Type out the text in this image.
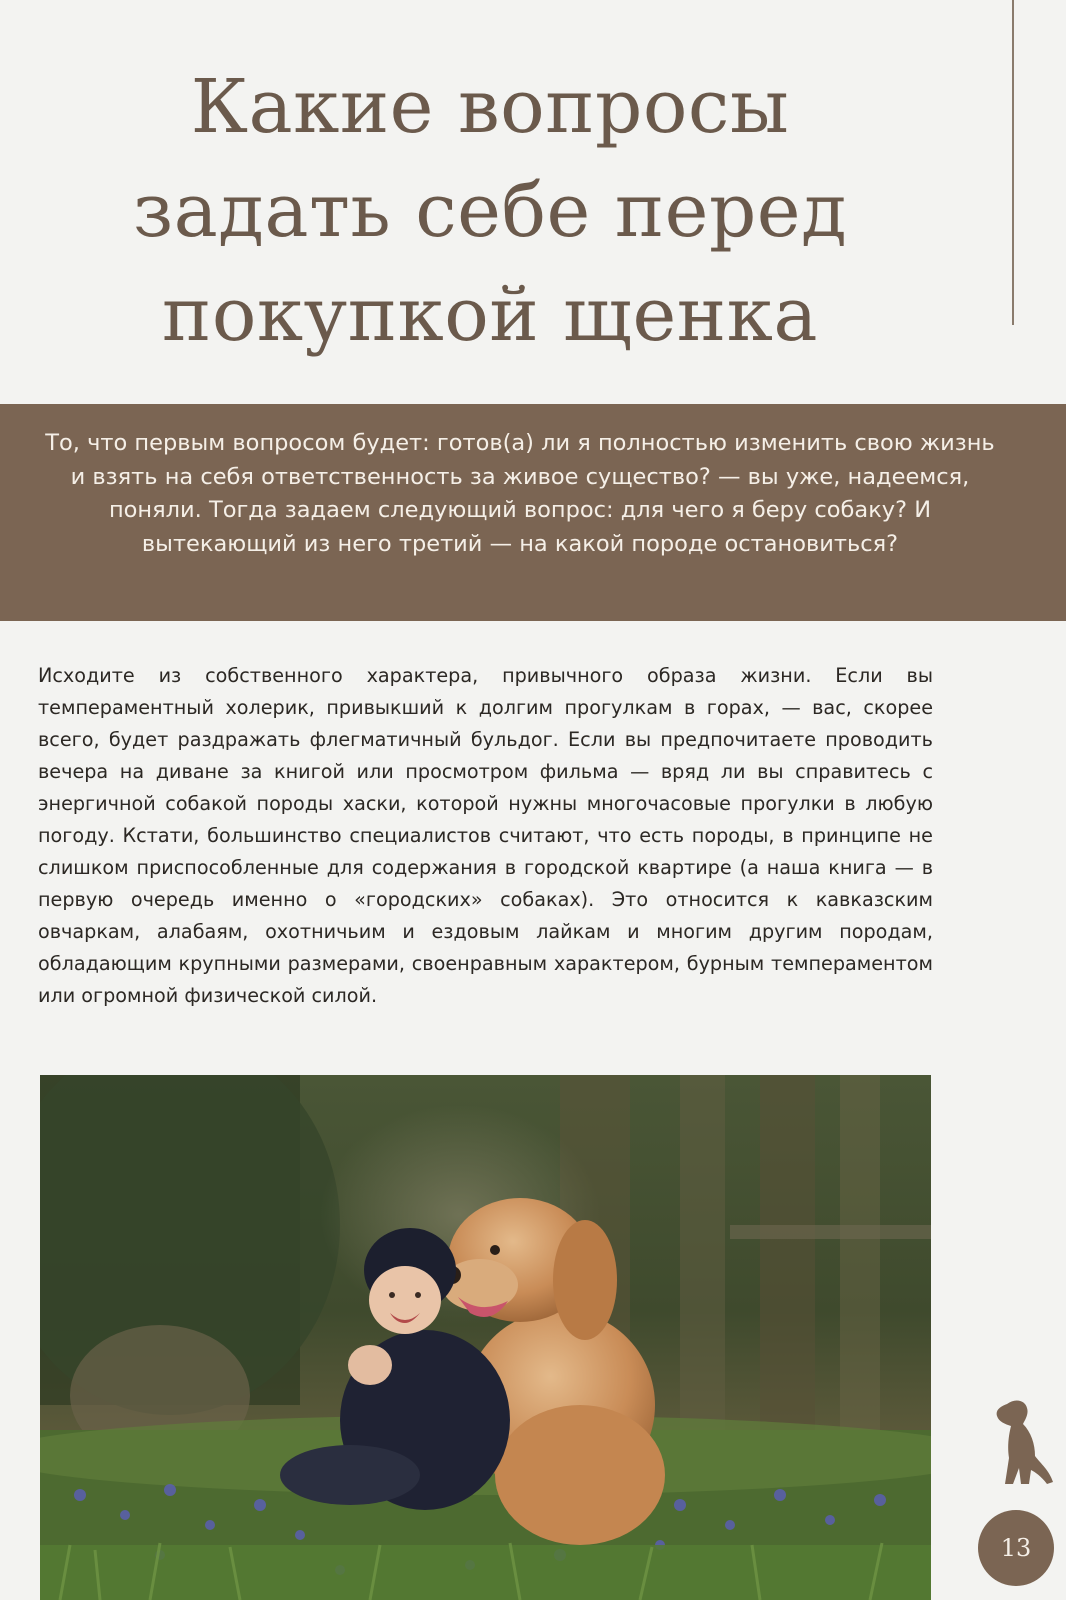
Какие вопросы
задать себе перед
покупкой щенка

То, что первым вопросом будет: готов(а) ли я полностью изменить свою жизнь и взять на себя ответственность за живое существо? — вы уже, надеемся, поняли. Тогда задаем следующий вопрос: для чего я беру собаку? И вытекающий из него третий — на какой породе остановиться?

Исходите из собственного характера, привычного образа жизни. Если вы темпераментный холерик, привыкший к долгим прогулкам в горах, — вас, скорее всего, будет раздражать флегматичный бульдог. Если вы предпочитаете проводить вечера на диване за книгой или просмотром фильма — вряд ли вы справитесь с энергичной собакой породы хаски, которой нужны многочасовые прогулки в любую погоду. Кстати, большинство специалистов считают, что есть породы, в принципе не слишком приспособленные для содержания в городской квартире (а наша книга — в первую очередь именно о «городских» собаках). Это относится к кавказским овчаркам, алабаям, охотничьим и ездовым лайкам и многим другим породам, обладающим крупными размерами, своенравным характером, бурным темпераментом или огромной физической силой.

13
